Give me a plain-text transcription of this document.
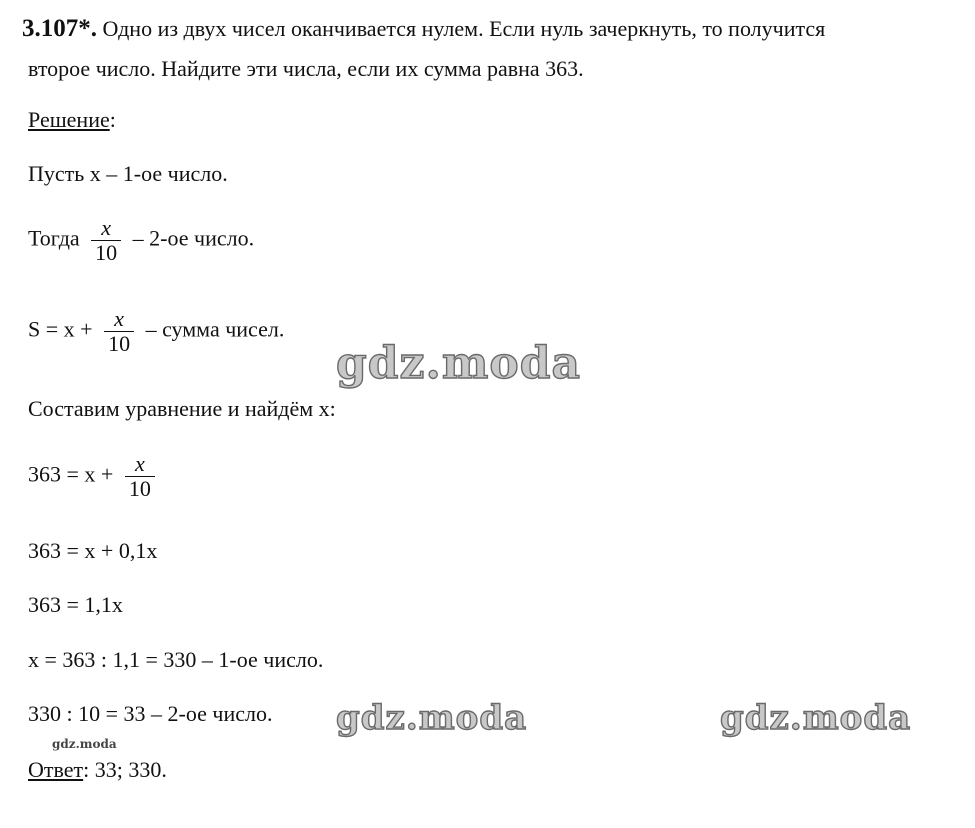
3.107*. Одно из двух чисел оканчивается нулем. Если нуль зачеркнуть, то получится
второе число. Найдите эти числа, если их сумма равна 363.
Решение:
Пусть x – 1-ое число.
Тогда $\frac{x}{10} - 2-ое$ число.
$S = x + \frac{x}{10}$ – сумма чисел.
Составим уравнение и найдём x:
$363 = x + \frac{x}{10}$
363 = x + 0,1x
363 = 1,1x
x = 363 : 1,1 = 330 – 1-ое число.
330 : 10 = 33 – 2-ое число.
Ответ: 33; 330.
gdz.moda
gdz.moda	gdz.moda
gdz.moda
